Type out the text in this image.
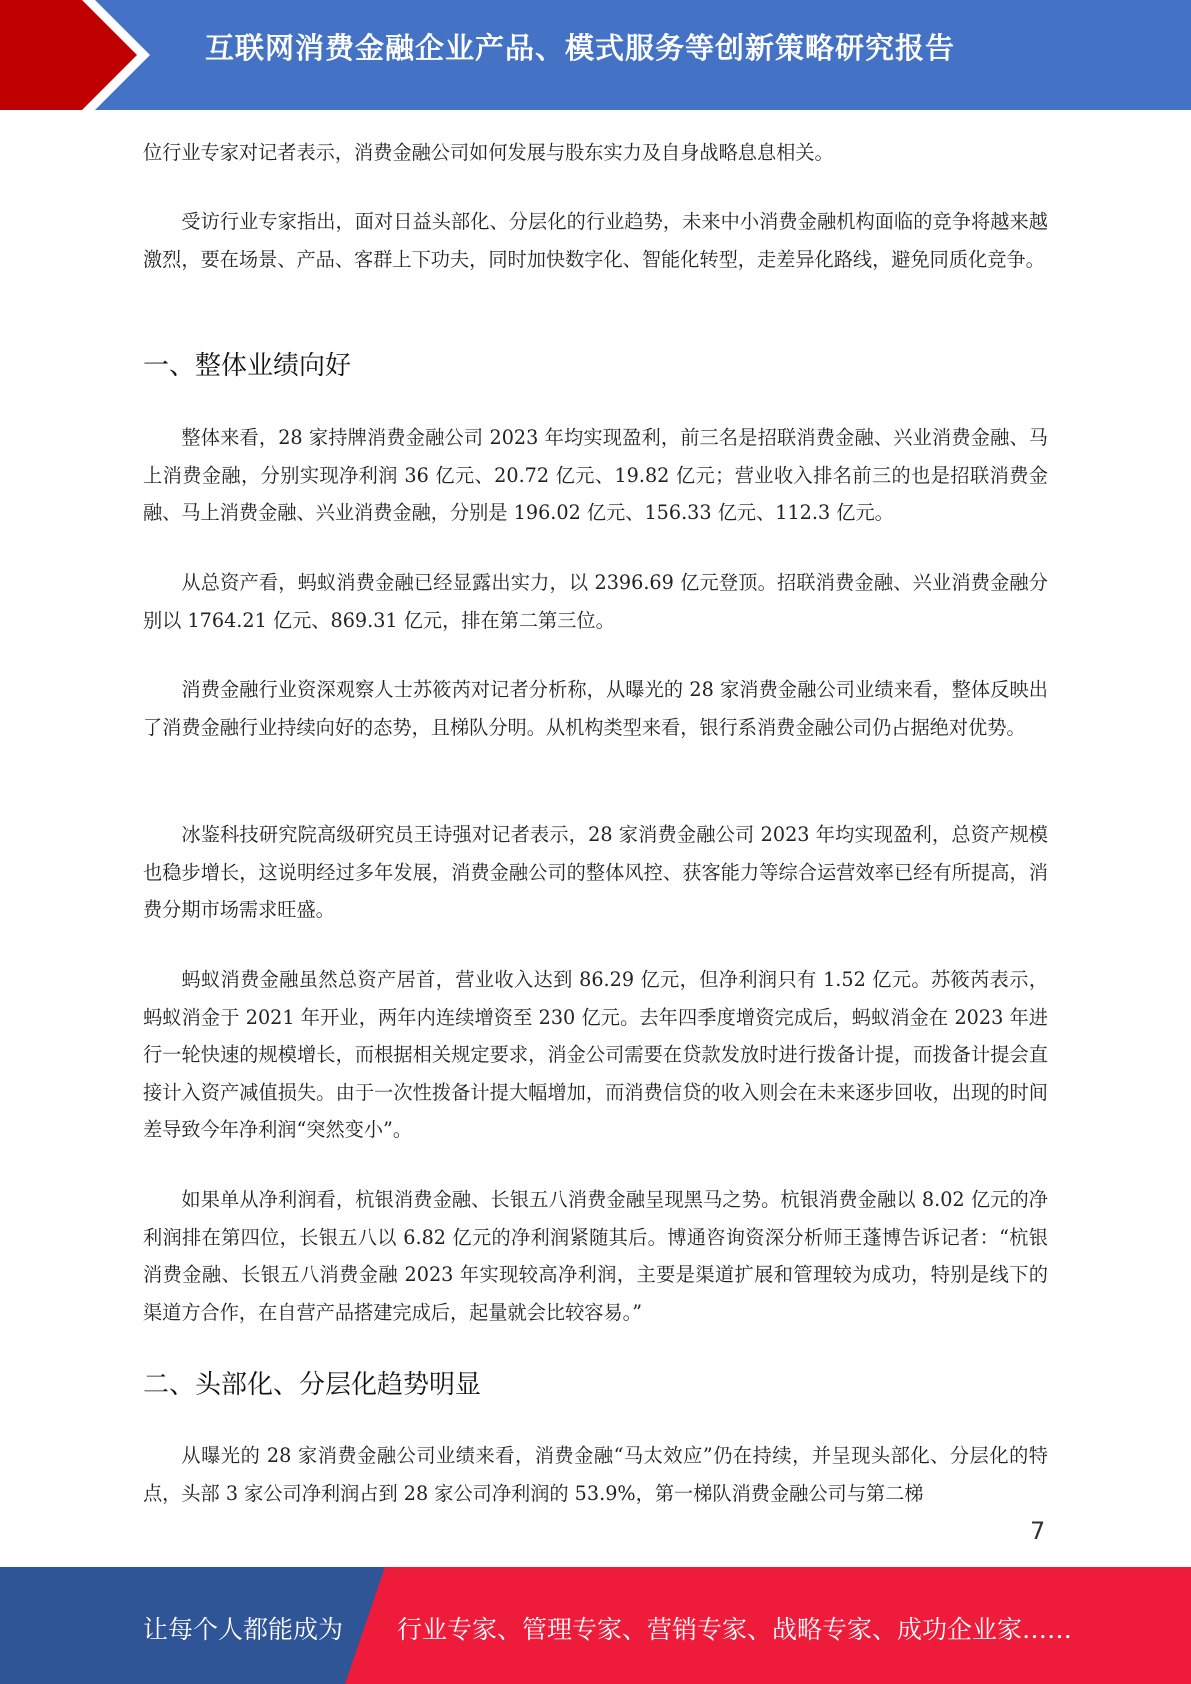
互联网消费金融企业产品、模式服务等创新策略研究报告

位行业专家对记者表示，消费金融公司如何发展与股东实力及自身战略息息相关。

受访行业专家指出，面对日益头部化、分层化的行业趋势，未来中小消费金融机构面临的竞争将越来越激烈，要在场景、产品、客群上下功夫，同时加快数字化、智能化转型，走差异化路线，避免同质化竞争。

一、整体业绩向好

整体来看，28 家持牌消费金融公司 2023 年均实现盈利，前三名是招联消费金融、兴业消费金融、马上消费金融，分别实现净利润 36 亿元、20.72 亿元、19.82 亿元；营业收入排名前三的也是招联消费金融、马上消费金融、兴业消费金融，分别是 196.02 亿元、156.33 亿元、112.3 亿元。

从总资产看，蚂蚁消费金融已经显露出实力，以 2396.69 亿元登顶。招联消费金融、兴业消费金融分别以 1764.21 亿元、869.31 亿元，排在第二第三位。

消费金融行业资深观察人士苏筱芮对记者分析称，从曝光的 28 家消费金融公司业绩来看，整体反映出了消费金融行业持续向好的态势，且梯队分明。从机构类型来看，银行系消费金融公司仍占据绝对优势。

冰鉴科技研究院高级研究员王诗强对记者表示，28 家消费金融公司 2023 年均实现盈利，总资产规模也稳步增长，这说明经过多年发展，消费金融公司的整体风控、获客能力等综合运营效率已经有所提高，消费分期市场需求旺盛。

蚂蚁消费金融虽然总资产居首，营业收入达到 86.29 亿元，但净利润只有 1.52 亿元。苏筱芮表示，蚂蚁消金于 2021 年开业，两年内连续增资至 230 亿元。去年四季度增资完成后，蚂蚁消金在 2023 年进行一轮快速的规模增长，而根据相关规定要求，消金公司需要在贷款发放时进行拨备计提，而拨备计提会直接计入资产减值损失。由于一次性拨备计提大幅增加，而消费信贷的收入则会在未来逐步回收，出现的时间差导致今年净利润“突然变小”。

如果单从净利润看，杭银消费金融、长银五八消费金融呈现黑马之势。杭银消费金融以 8.02 亿元的净利润排在第四位，长银五八以 6.82 亿元的净利润紧随其后。博通咨询资深分析师王蓬博告诉记者：“杭银消费金融、长银五八消费金融 2023 年实现较高净利润，主要是渠道扩展和管理较为成功，特别是线下的渠道方合作，在自营产品搭建完成后，起量就会比较容易。”

二、头部化、分层化趋势明显

从曝光的 28 家消费金融公司业绩来看，消费金融“马太效应”仍在持续，并呈现头部化、分层化的特点，头部 3 家公司净利润占到 28 家公司净利润的 53.9%，第一梯队消费金融公司与第二梯

7
让每个人都能成为 行业专家、管理专家、营销专家、战略专家、成功企业家……
